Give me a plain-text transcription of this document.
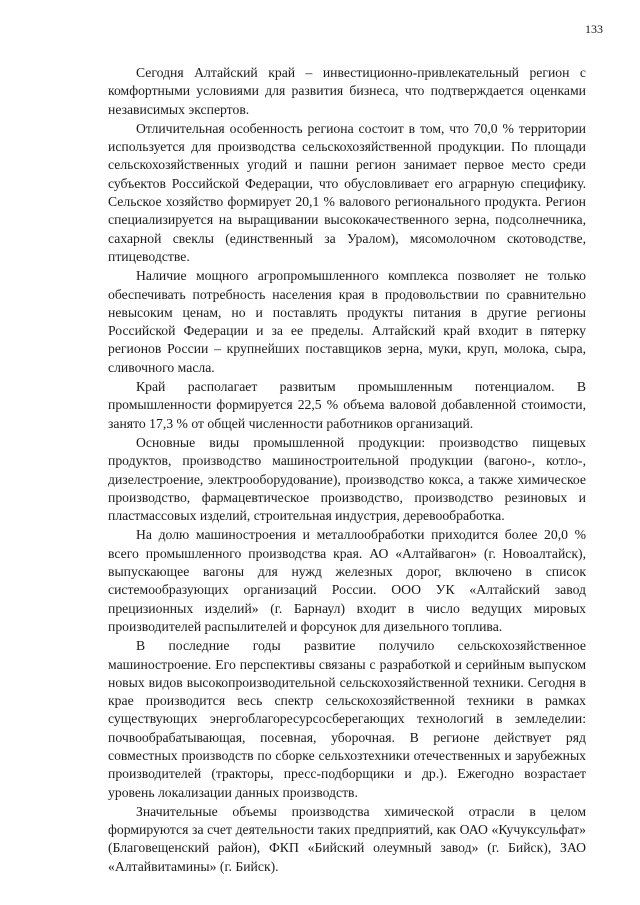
133

Сегодня Алтайский край – инвестиционно-привлекательный регион с комфортными условиями для развития бизнеса, что подтверждается оценками независимых экспертов.

Отличительная особенность региона состоит в том, что 70,0 % территории используется для производства сельскохозяйственной продукции. По площади сельскохозяйственных угодий и пашни регион занимает первое место среди субъектов Российской Федерации, что обусловливает его аграрную специфику. Сельское хозяйство формирует 20,1 % валового регионального продукта. Регион специализируется на выращивании высококачественного зерна, подсолнечника, сахарной свеклы (единственный за Уралом), мясомолочном скотоводстве, птицеводстве.

Наличие мощного агропромышленного комплекса позволяет не только обеспечивать потребность населения края в продовольствии по сравнительно невысоким ценам, но и поставлять продукты питания в другие регионы Российской Федерации и за ее пределы. Алтайский край входит в пятерку регионов России – крупнейших поставщиков зерна, муки, круп, молока, сыра, сливочного масла.

Край располагает развитым промышленным потенциалом. В промышленности формируется 22,5 % объема валовой добавленной стоимости, занято 17,3 % от общей численности работников организаций.

Основные виды промышленной продукции: производство пищевых продуктов, производство машиностроительной продукции (вагоно-, котло-, дизелестроение, электрооборудование), производство кокса, а также химическое производство, фармацевтическое производство, производство резиновых и пластмассовых изделий, строительная индустрия, деревообработка.

На долю машиностроения и металлообработки приходится более 20,0 % всего промышленного производства края. АО «Алтайвагон» (г. Новоалтайск), выпускающее вагоны для нужд железных дорог, включено в список системообразующих организаций России. ООО УК «Алтайский завод прецизионных изделий» (г. Барнаул) входит в число ведущих мировых производителей распылителей и форсунок для дизельного топлива.

В последние годы развитие получило сельскохозяйственное машиностроение. Его перспективы связаны с разработкой и серийным выпуском новых видов высокопроизводительной сельскохозяйственной техники. Сегодня в крае производится весь спектр сельскохозяйственной техники в рамках существующих энергоблагоресурсосберегающих технологий в земледелии: почвообрабатывающая, посевная, уборочная. В регионе действует ряд совместных производств по сборке сельхозтехники отечественных и зарубежных производителей (тракторы, пресс-подборщики и др.). Ежегодно возрастает уровень локализации данных производств.

Значительные объемы производства химической отрасли в целом формируются за счет деятельности таких предприятий, как ОАО «Кучуксульфат» (Благовещенский район), ФКП «Бийский олеумный завод» (г. Бийск), ЗАО «Алтайвитамины» (г. Бийск).
